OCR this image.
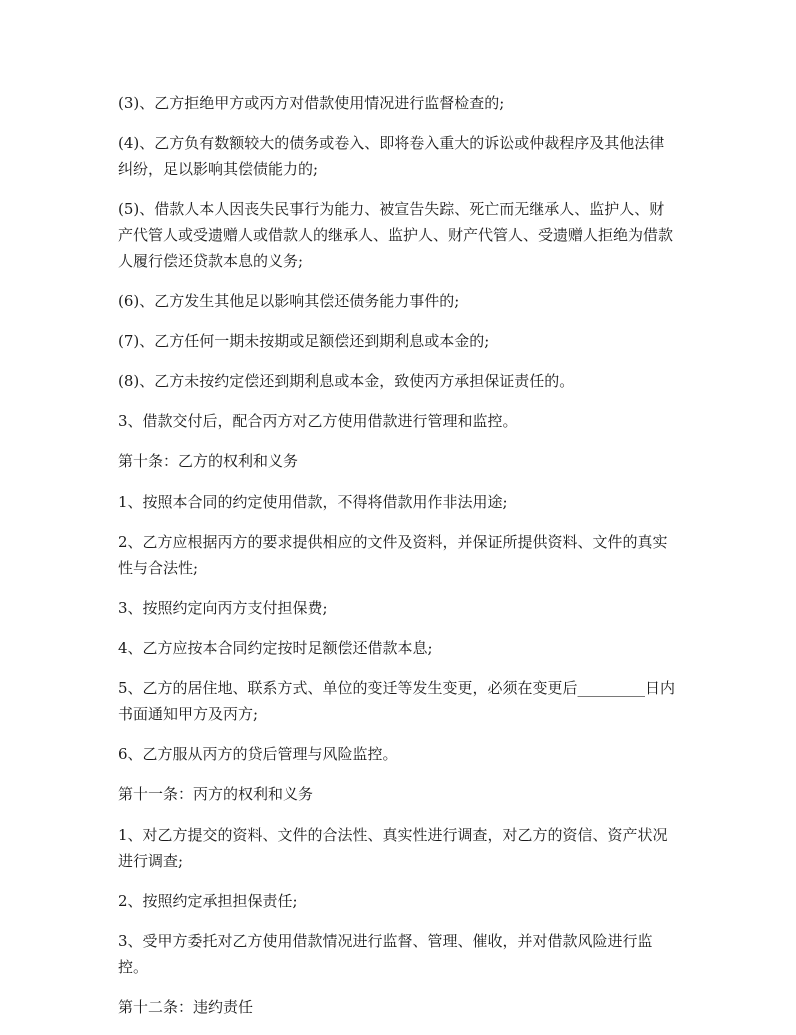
(3)、乙方拒绝甲方或丙方对借款使用情况进行监督检查的;

(4)、乙方负有数额较大的债务或卷入、即将卷入重大的诉讼或仲裁程序及其他法律纠纷，足以影响其偿债能力的;

(5)、借款人本人因丧失民事行为能力、被宣告失踪、死亡而无继承人、监护人、财产代管人或受遗赠人或借款人的继承人、监护人、财产代管人、受遗赠人拒绝为借款人履行偿还贷款本息的义务;

(6)、乙方发生其他足以影响其偿还债务能力事件的;

(7)、乙方任何一期未按期或足额偿还到期利息或本金的;

(8)、乙方未按约定偿还到期利息或本金，致使丙方承担保证责任的。

3、借款交付后，配合丙方对乙方使用借款进行管理和监控。

第十条：乙方的权利和义务

1、按照本合同的约定使用借款，不得将借款用作非法用途;

2、乙方应根据丙方的要求提供相应的文件及资料，并保证所提供资料、文件的真实性与合法性;

3、按照约定向丙方支付担保费;

4、乙方应按本合同约定按时足额偿还借款本息;

5、乙方的居住地、联系方式、单位的变迁等发生变更，必须在变更后_________日内书面通知甲方及丙方;

6、乙方服从丙方的贷后管理与风险监控。

第十一条：丙方的权利和义务

1、对乙方提交的资料、文件的合法性、真实性进行调查，对乙方的资信、资产状况进行调查;

2、按照约定承担担保责任;

3、受甲方委托对乙方使用借款情况进行监督、管理、催收，并对借款风险进行监控。

第十二条：违约责任
